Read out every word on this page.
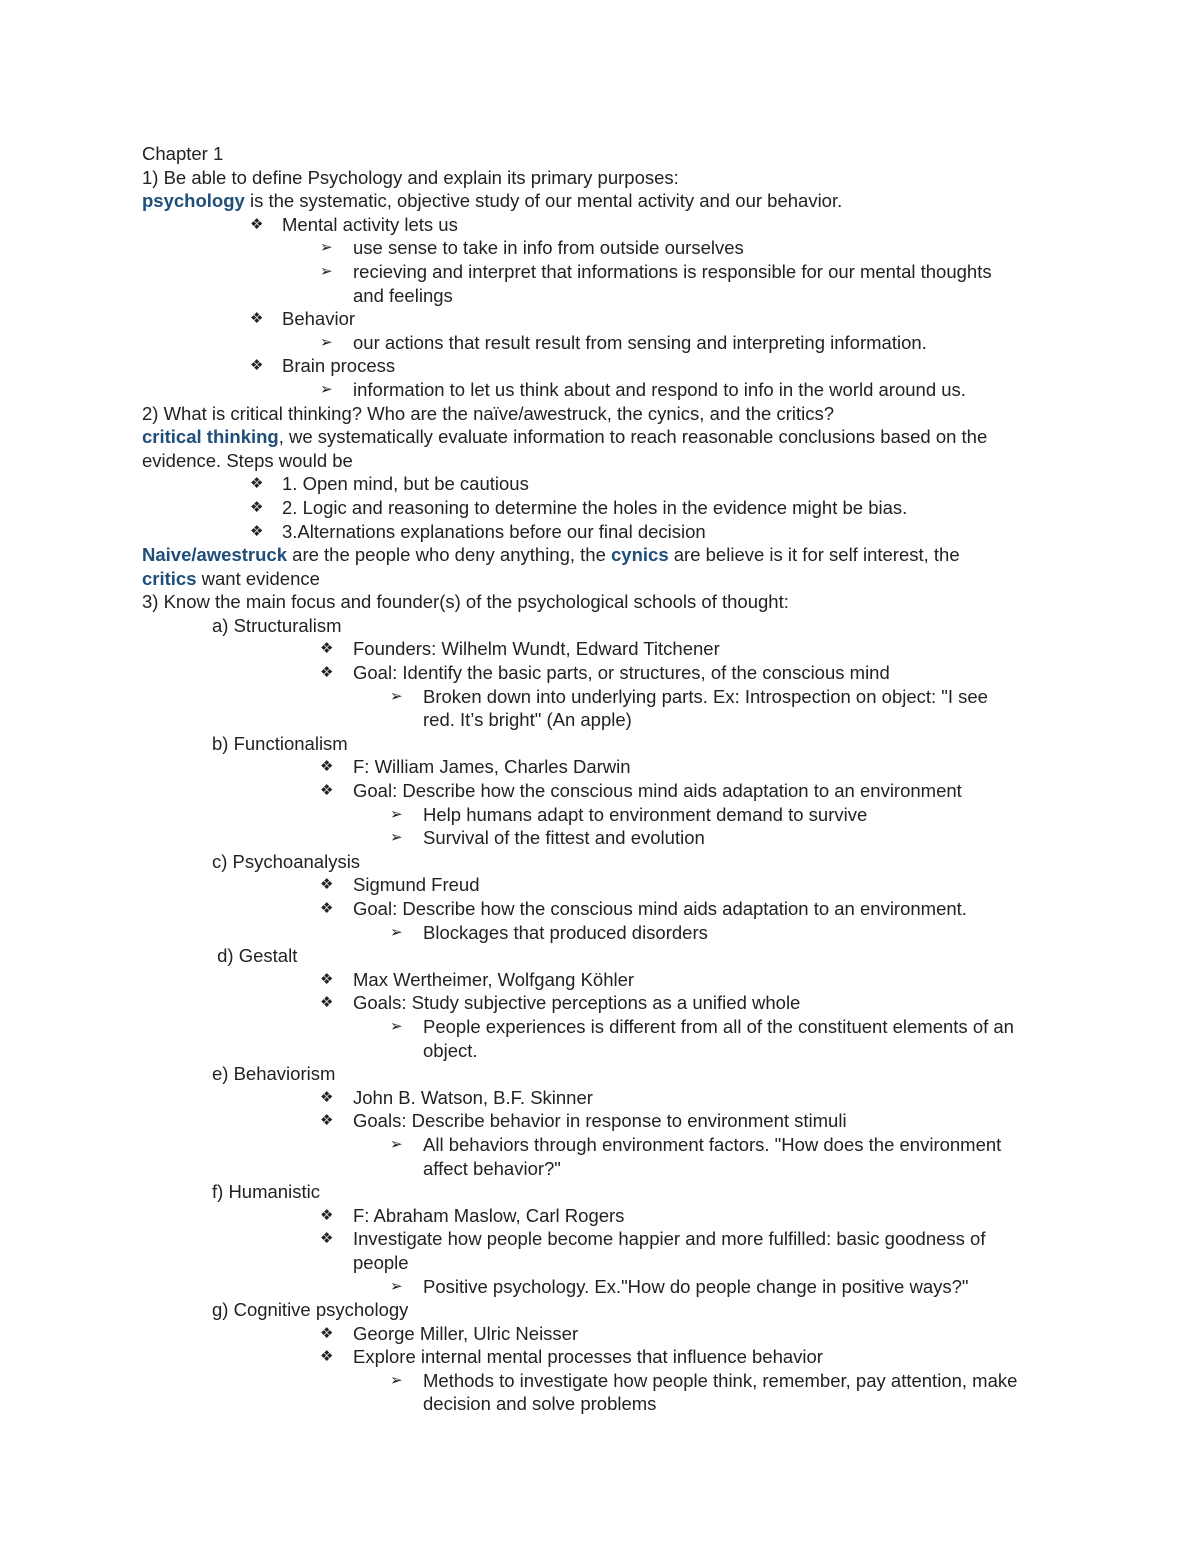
Chapter 1
1) Be able to define Psychology and explain its primary purposes:
psychology is the systematic, objective study of our mental activity and our behavior.
❖	Mental activity lets us
➢	use sense to take in info from outside ourselves
➢	recieving and interpret that informations is responsible for our mental thoughts
and feelings
❖	Behavior
➢	our actions that result result from sensing and interpreting information.
❖	Brain process
➢	information to let us think about and respond to info in the world around us.
2) What is critical thinking? Who are the naïve/awestruck, the cynics, and the critics?
critical thinking, we systematically evaluate information to reach reasonable conclusions based on the
evidence. Steps would be
❖	1. Open mind, but be cautious
❖	2. Logic and reasoning to determine the holes in the evidence might be bias.
❖	3.Alternations explanations before our final decision
Naive/awestruck are the people who deny anything, the cynics are believe is it for self interest, the
critics want evidence
3) Know the main focus and founder(s) of the psychological schools of thought:
a) Structuralism
❖	Founders: Wilhelm Wundt, Edward Titchener
❖	Goal: Identify the basic parts, or structures, of the conscious mind
➢	Broken down into underlying parts. Ex: Introspection on object: "I see
red. It’s bright" (An apple)
b) Functionalism
❖	F: William James, Charles Darwin
❖	Goal: Describe how the conscious mind aids adaptation to an environment
➢	Help humans adapt to environment demand to survive
➢	Survival of the fittest and evolution
c) Psychoanalysis
❖	Sigmund Freud
❖	Goal: Describe how the conscious mind aids adaptation to an environment.
➢	Blockages that produced disorders
d) Gestalt
❖	Max Wertheimer, Wolfgang Köhler
❖	Goals: Study subjective perceptions as a unified whole
➢	People experiences is different from all of the constituent elements of an
object.
e) Behaviorism
❖	John B. Watson, B.F. Skinner
❖	Goals: Describe behavior in response to environment stimuli
➢	All behaviors through environment factors. "How does the environment
affect behavior?"
f) Humanistic
❖	F: Abraham Maslow, Carl Rogers
❖	Investigate how people become happier and more fulfilled: basic goodness of
people
➢	Positive psychology. Ex."How do people change in positive ways?"
g) Cognitive psychology
❖	George Miller, Ulric Neisser
❖	Explore internal mental processes that influence behavior
➢	Methods to investigate how people think, remember, pay attention, make
decision and solve problems
